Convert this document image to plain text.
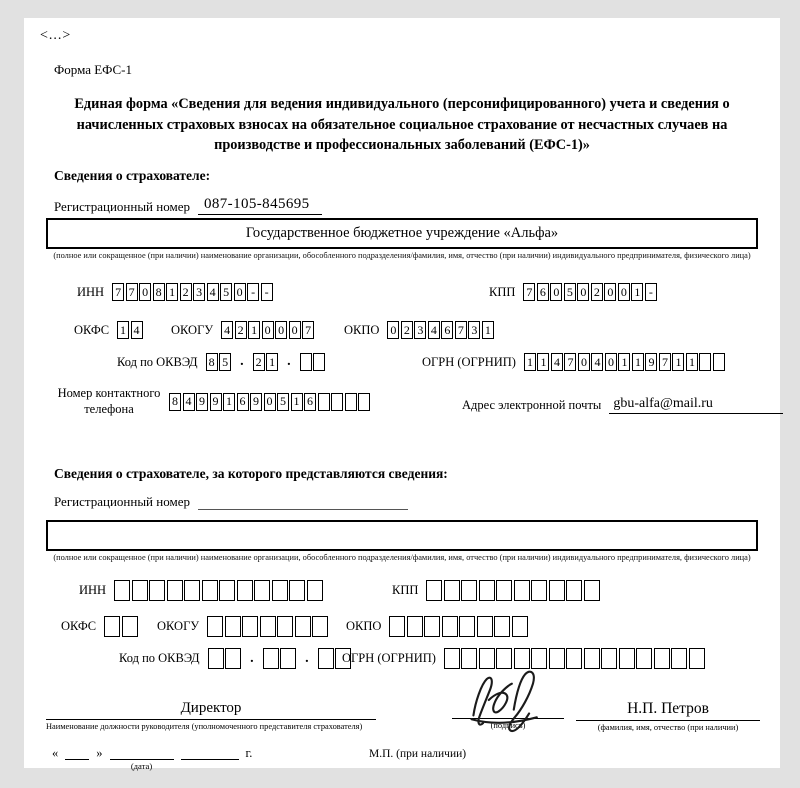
<...>
Форма ЕФС-1
Единая форма «Сведения для ведения индивидуального (персонифицированного) учета и сведения о начисленных страховых взносах на обязательное социальное страхование от несчастных случаев на производстве и профессиональных заболеваний (ЕФС-1)»
Сведения о страхователе:
Регистрационный номер 087-105-845695
Государственное бюджетное учреждение «Альфа»
(полное или сокращенное (при наличии) наименование организации, обособленного подразделения/фамилия, имя, отчество (при наличии) индивидуального предпринимателя, физического лица)
ИНН 7 7 0 8 1 2 3 4 5 0 - -	КПП 7 6 0 5 0 2 0 0 1 -
ОКФС 1 4	ОКОГУ 4 2 1 0 0 0 7	ОКПО 0 2 3 4 6 7 3 1
Код по ОКВЭД 8 5 . 2 1 .	ОГРН (ОГРНИП) 1 1 4 7 0 4 0 1 1 9 7 1 1
Номер контактного телефона
8 4 9 9 1 6 9 0 5 1 6	Адрес электронной почты gbu-alfa@mail.ru
Сведения о страхователе, за которого представляются сведения:
Регистрационный номер
(полное или сокращенное (при наличии) наименование организации, обособленного подразделения/фамилия, имя, отчество (при наличии) индивидуального предпринимателя, физического лица)
ИНН	КПП
ОКФС	ОКОГУ	ОКПО
Код по ОКВЭД	.	.	ОГРН (ОГРНИП)
Директор
Наименование должности руководителя (уполномоченного представителя страхователя)	(подпись)
Н.П. Петров
(фамилия, имя, отчество (при наличии)
«	»
(дата)
г.	М.П. (при наличии)
